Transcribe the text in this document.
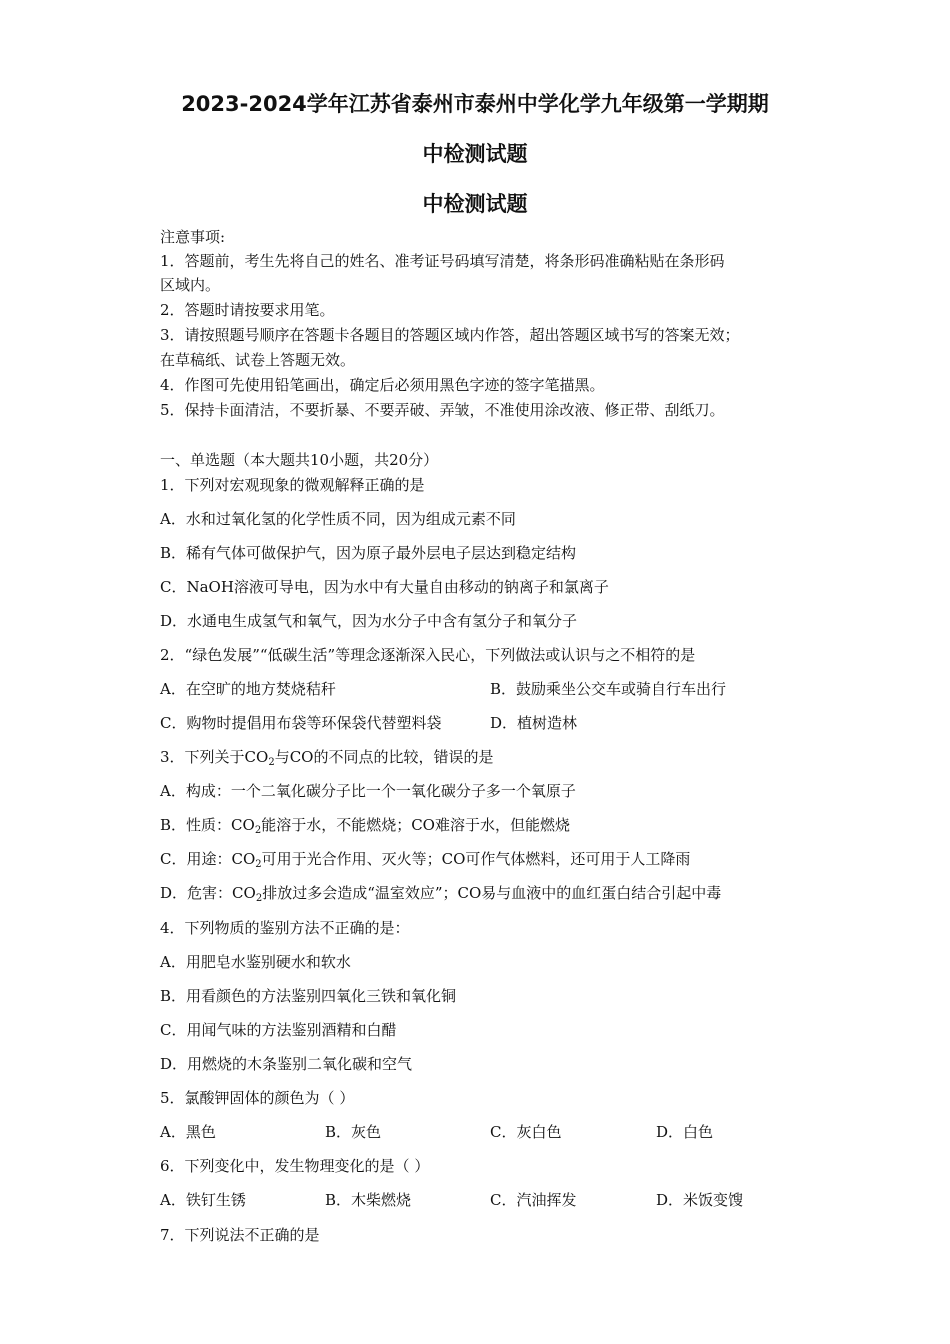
2023-2024学年江苏省泰州市泰州中学化学九年级第一学期期
中检测试题
中检测试题
注意事项:
1．答题前，考生先将自己的姓名、准考证号码填写清楚，将条形码准确粘贴在条形码
区域内。
2．答题时请按要求用笔。
3．请按照题号顺序在答题卡各题目的答题区域内作答，超出答题区域书写的答案无效；
在草稿纸、试卷上答题无效。
4．作图可先使用铅笔画出，确定后必须用黑色字迹的签字笔描黑。
5．保持卡面清洁，不要折暴、不要弄破、弄皱，不准使用涂改液、修正带、刮纸刀。
一、单选题（本大题共10小题，共20分）
1．下列对宏观现象的微观解释正确的是
A．水和过氧化氢的化学性质不同，因为组成元素不同
B．稀有气体可做保护气，因为原子最外层电子层达到稳定结构
C．NaOH溶液可导电，因为水中有大量自由移动的钠离子和氯离子
D．水通电生成氢气和氧气，因为水分子中含有氢分子和氧分子
2．“绿色发展”“低碳生活”等理念逐渐深入民心，下列做法或认识与之不相符的是
A．在空旷的地方焚烧秸秆	B．鼓励乘坐公交车或骑自行车出行
C．购物时提倡用布袋等环保袋代替塑料袋	D．植树造林
3．下列关于$CO_2$与CO的不同点的比较，错误的是
A．构成：一个二氧化碳分子比一个一氧化碳分子多一个氧原子
B．性质：$CO_2$能溶于水，不能燃烧；CO难溶于水，但能燃烧
C．用途：$CO_2$可用于光合作用、灭火等；CO可作气体燃料，还可用于人工降雨
D．危害：$CO_2$排放过多会造成“温室效应”；CO易与血液中的血红蛋白结合引起中毒
4．下列物质的鉴别方法不正确的是：
A．用肥皂水鉴别硬水和软水
B．用看颜色的方法鉴别四氧化三铁和氧化铜
C．用闻气味的方法鉴别酒精和白醋
D．用燃烧的木条鉴别二氧化碳和空气
5．氯酸钾固体的颜色为（ ）
A．黑色	B．灰色	C．灰白色	D．白色
6．下列变化中，发生物理变化的是（ ）
A．铁钉生锈	B．木柴燃烧	C．汽油挥发	D．米饭变馊
7．下列说法不正确的是
